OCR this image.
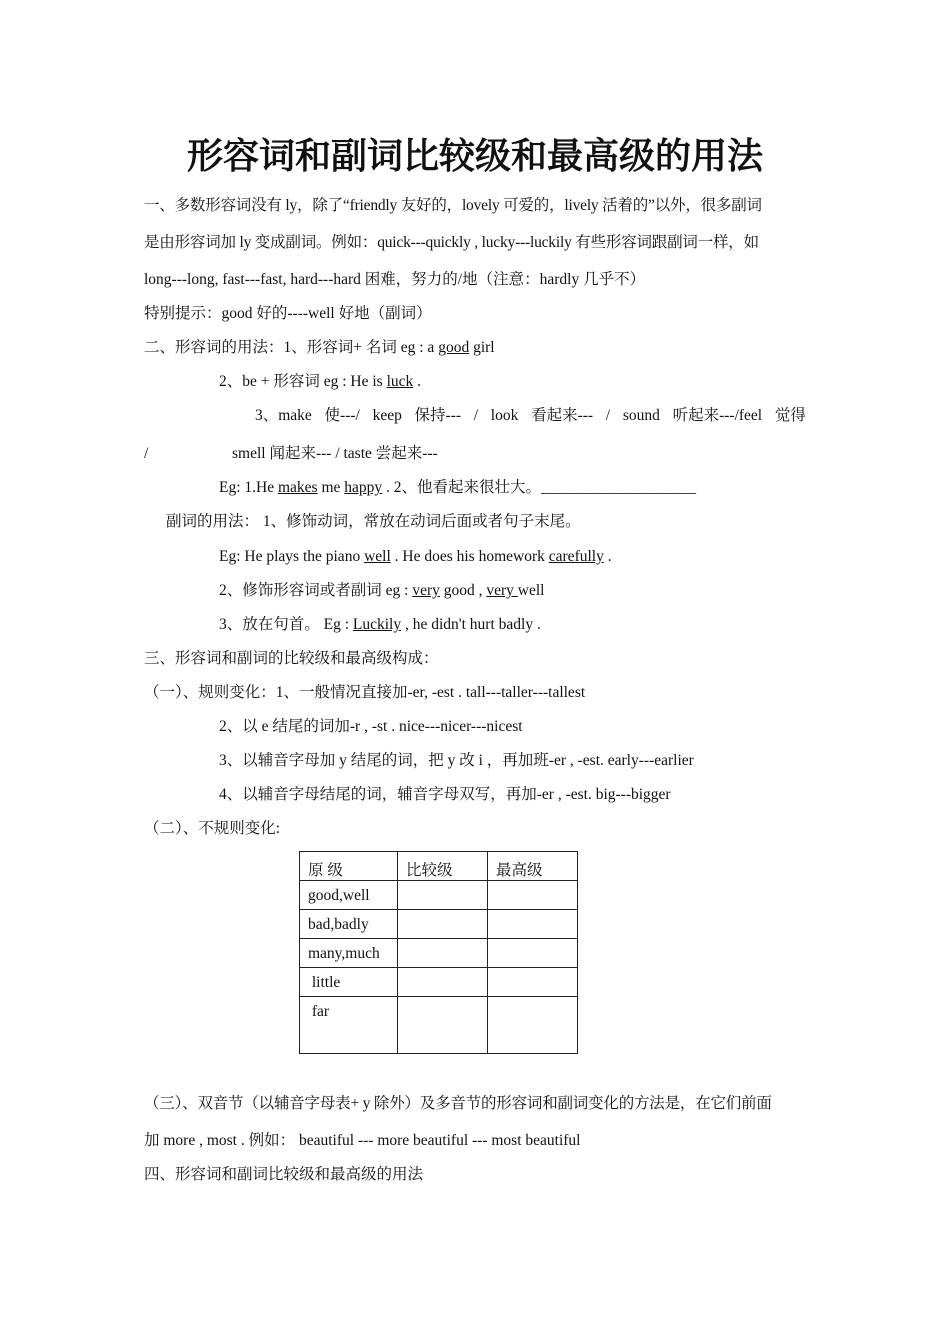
形容词和副词比较级和最高级的用法
一、多数形容词没有 ly，除了“friendly 友好的，lovely 可爱的，lively 活着的”以外，很多副词
是由形容词加 ly 变成副词。例如：quick---quickly , lucky---luckily 有些形容词跟副词一样，如
long---long, fast---fast, hard---hard 困难，努力的/地（注意：hardly 几乎不）
特别提示：good 好的----well 好地（副词）
二、形容词的用法：1、形容词+ 名词 eg : a good girl
2、be + 形容词 eg : He is luck .
3、make 使---/ keep 保持--- / look 看起来--- / sound 听起来---/feel 觉得
/	smell 闻起来--- / taste 尝起来---
Eg: 1.He makes me happy . 2、他看起来很壮大。____________________
副词的用法： 1、修饰动词，常放在动词后面或者句子末尾。
Eg: He plays the piano well . He does his homework carefully .
2、修饰形容词或者副词 eg : very good , very well
3、放在句首。 Eg : Luckily , he didn't hurt badly .
三、形容词和副词的比较级和最高级构成：
（一）、规则变化：1、一般情况直接加-er, -est . tall---taller---tallest
2、以 e 结尾的词加-r , -st . nice---nicer---nicest
3、以辅音字母加 y 结尾的词，把 y 改 i ，再加班-er , -est. early---earlier
4、以辅音字母结尾的词，辅音字母双写，再加-er , -est. big---bigger
（二）、不规则变化:
原 级	比较级	最高级
good,well		
bad,badly		
many,much		
little		
far		
（三）、双音节（以辅音字母表+ y 除外）及多音节的形容词和副词变化的方法是，在它们前面
加 more , most . 例如： beautiful --- more beautiful --- most beautiful
四、形容词和副词比较级和最高级的用法
